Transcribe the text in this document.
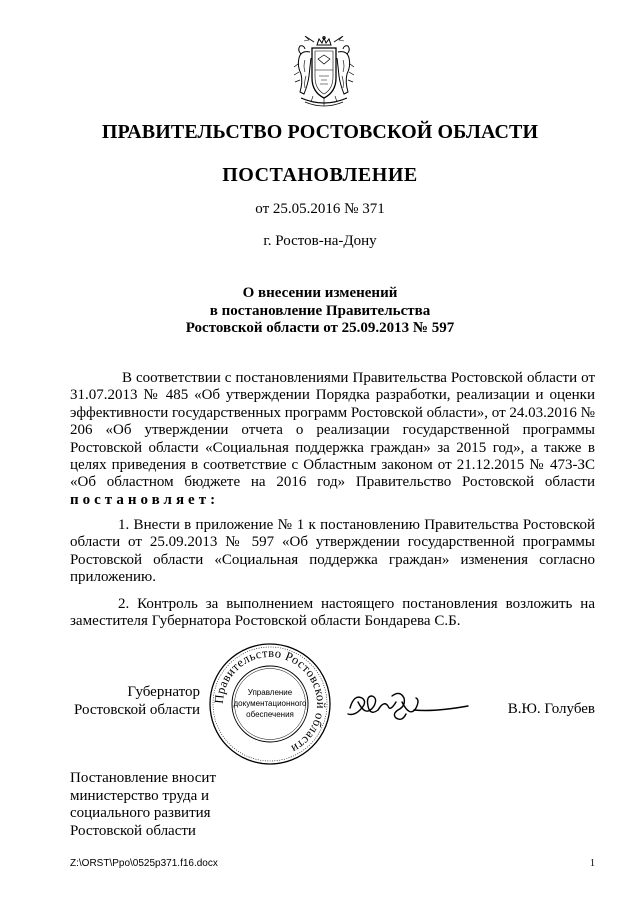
ПРАВИТЕЛЬСТВО РОСТОВСКОЙ ОБЛАСТИ
ПОСТАНОВЛЕНИЕ
от 25.05.2016 № 371
г. Ростов-на-Дону
О внесении изменений
в постановление Правительства
Ростовской области от 25.09.2013 № 597
В соответствии с постановлениями Правительства Ростовской области от 31.07.2013 № 485 «Об утверждении Порядка разработки, реализации и оценки эффективности государственных программ Ростовской области», от 24.03.2016 № 206 «Об утверждении отчета о реализации государственной программы Ростовской области «Социальная поддержка граждан» за 2015 год», а также в целях приведения в соответствие с Областным законом от 21.12.2015 № 473-ЗС «Об областном бюджете на 2016 год» Правительство Ростовской области постановляет:
1. Внести в приложение № 1 к постановлению Правительства Ростовской области от 25.09.2013 № 597 «Об утверждении государственной программы Ростовской области «Социальная поддержка граждан» изменения согласно приложению.
2. Контроль за выполнением настоящего постановления возложить на заместителя Губернатора Ростовской области Бондарева С.Б.
Губернатор
Ростовской области
Правительство Ростовской области
Управление
документационного
обеспечения	В.Ю. Голубев
Постановление вносит
министерство труда и
социального развития
Ростовской области
Z:\ORST\Ppo\0525p371.f16.docx	1
